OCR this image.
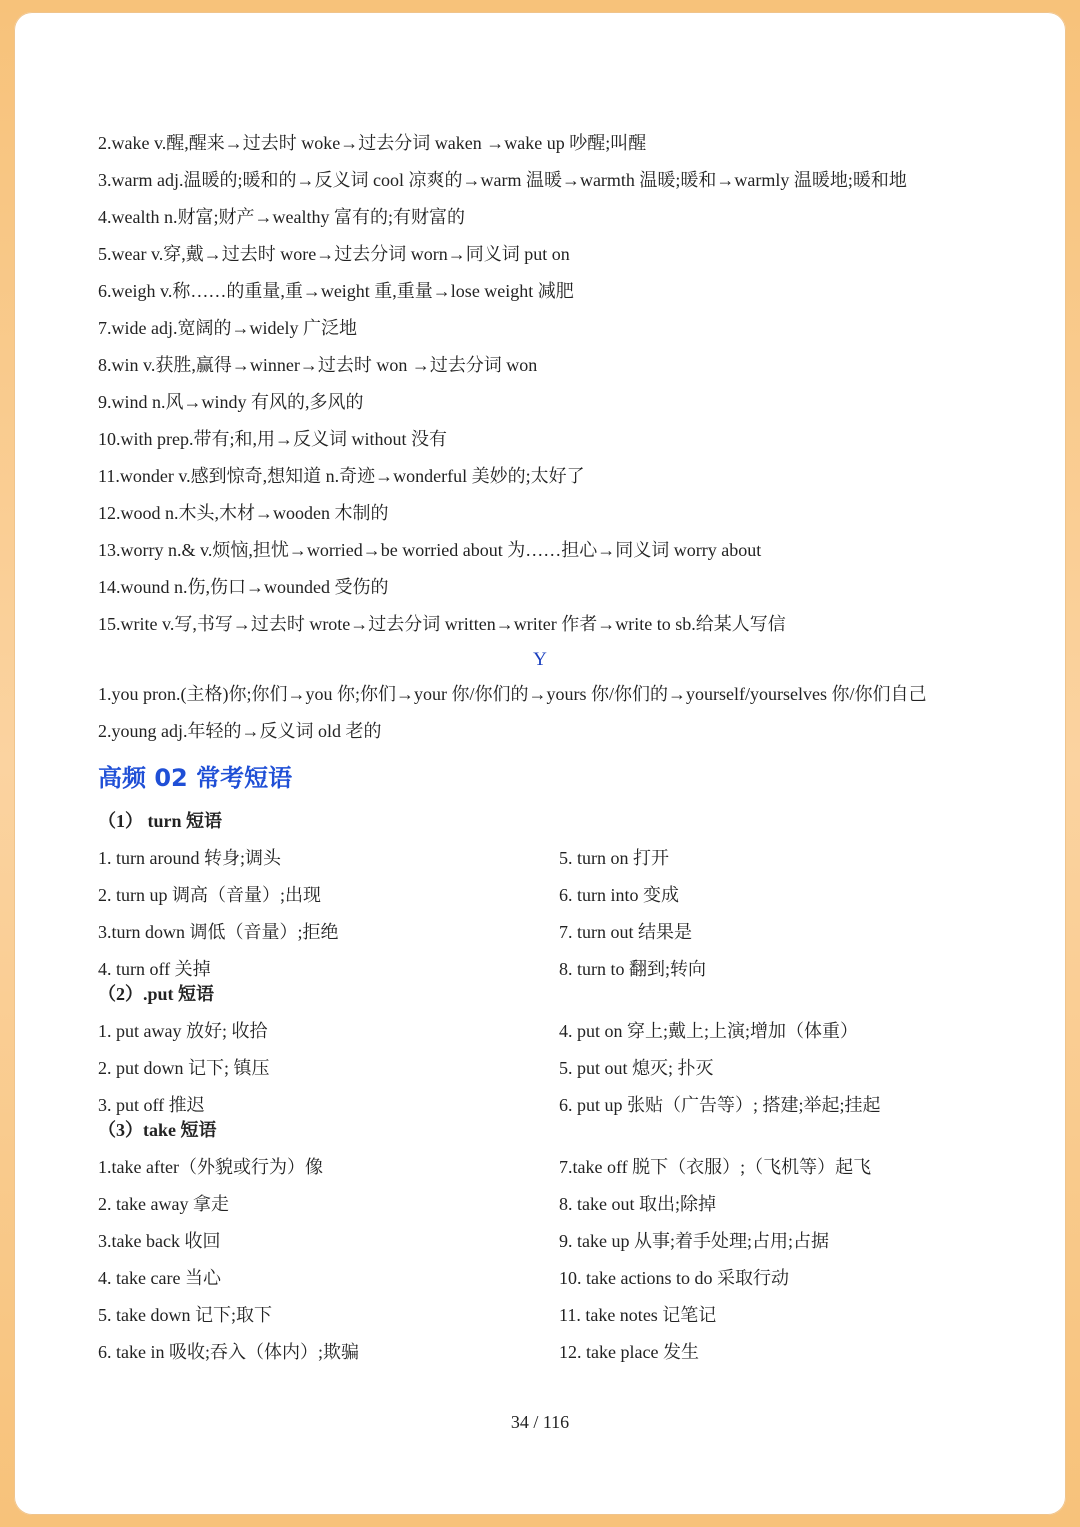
2.wake v.醒,醒来→过去时 woke→过去分词 waken →wake up 吵醒;叫醒
3.warm adj.温暖的;暖和的→反义词 cool 凉爽的→warm 温暖→warmth 温暖;暖和→warmly 温暖地;暖和地
4.wealth n.财富;财产→wealthy 富有的;有财富的
5.wear v.穿,戴→过去时 wore→过去分词 worn→同义词 put on
6.weigh v.称……的重量,重→weight 重,重量→lose weight 减肥
7.wide adj.宽阔的→widely 广泛地
8.win v.获胜,赢得→winner→过去时 won →过去分词 won
9.wind n.风→windy 有风的,多风的
10.with prep.带有;和,用→反义词 without 没有
11.wonder v.感到惊奇,想知道 n.奇迹→wonderful 美妙的;太好了
12.wood n.木头,木材→wooden 木制的
13.worry n.& v.烦恼,担忧→worried→be worried about 为……担心→同义词 worry about
14.wound n.伤,伤口→wounded 受伤的
15.write v.写,书写→过去时 wrote→过去分词 written→writer 作者→write to sb.给某人写信
Y
1.you pron.(主格)你;你们→you 你;你们→your 你/你们的→yours 你/你们的→yourself/yourselves 你/你们自己
2.young adj.年轻的→反义词 old 老的
高频 02 常考短语
（1） turn 短语
1. turn around 转身;调头
2. turn up 调高（音量）;出现
3.turn down 调低（音量）;拒绝
4. turn off 关掉
5. turn on 打开
6. turn into 变成
7. turn out 结果是
8. turn to 翻到;转向
（2）.put 短语
1. put away 放好; 收拾
2. put down 记下; 镇压
3. put off 推迟
4. put on 穿上;戴上;上演;增加（体重）
5. put out 熄灭; 扑灭
6. put up 张贴（广告等）; 搭建;举起;挂起
（3）take 短语
1.take after（外貌或行为）像
2. take away 拿走
3.take back 收回
4. take care 当心
5. take down 记下;取下
6. take in 吸收;吞入（体内）;欺骗
7.take off 脱下（衣服）;（飞机等）起飞
8. take out 取出;除掉
9. take up 从事;着手处理;占用;占据
10. take actions to do 采取行动
11. take notes 记笔记
12. take place 发生
34 / 116
